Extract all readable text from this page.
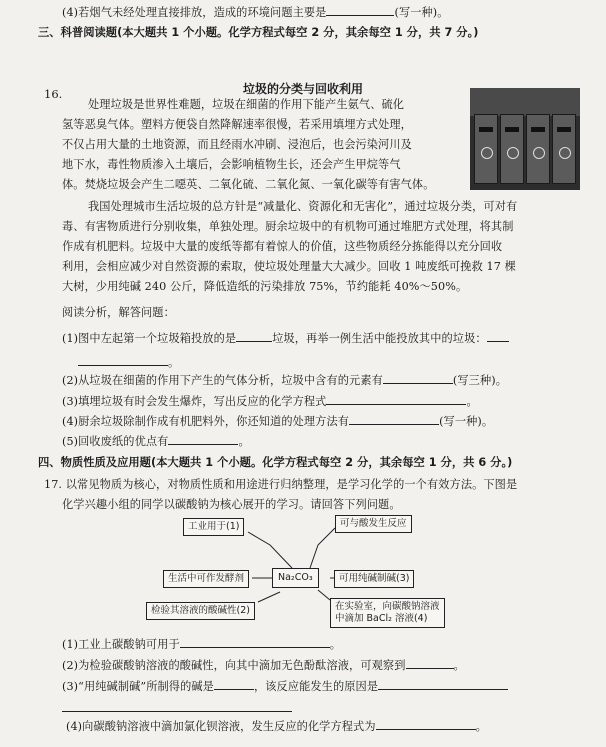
(4)若烟气未经处理直接排放，造成的环境问题主要是	(写一种)。
三、科普阅读题(本大题共 1 个小题。化学方程式每空 2 分，其余每空 1 分，共 7 分。)
16.	垃圾的分类与回收利用
处理垃圾是世界性难题，垃圾在细菌的作用下能产生氨气、硫化
氢等恶臭气体。塑料方便袋自然降解速率很慢，若采用填埋方式处理，
不仅占用大量的土地资源，而且经雨水冲刷、浸泡后，也会污染河川及
地下水，毒性物质渗入土壤后，会影响植物生长，还会产生甲烷等气
体。焚烧垃圾会产生二噁英、二氧化硫、二氧化氮、一氧化碳等有害气体。
我国处理城市生活垃圾的总方针是“减量化、资源化和无害化”，通过垃圾分类，可对有
毒、有害物质进行分别收集，单独处理。厨余垃圾中的有机物可通过堆肥方式处理，将其制
作成有机肥料。垃圾中大量的废纸等都有着惊人的价值，这些物质经分拣能得以充分回收
利用，会相应减少对自然资源的索取，使垃圾处理量大大减少。回收 1 吨废纸可挽救 17 棵
大树，少用纯碱 240 公斤，降低造纸的污染排放 75%，节约能耗 40%～50%。
阅读分析，解答问题：
(1)图中左起第一个垃圾箱投放的是	垃圾，再举一例生活中能投放其中的垃圾：
。
(2)从垃圾在细菌的作用下产生的气体分析，垃圾中含有的元素有	(写三种)。
(3)填埋垃圾有时会发生爆炸，写出反应的化学方程式	。
(4)厨余垃圾除制作成有机肥料外，你还知道的处理方法有	(写一种)。
(5)回收废纸的优点有	。
四、物质性质及应用题(本大题共 1 个小题。化学方程式每空 2 分，其余每空 1 分，共 6 分。)
17. 以常见物质为核心，对物质性质和用途进行归纳整理，是学习化学的一个有效方法。下图是
化学兴趣小组的同学以碳酸钠为核心展开的学习。请回答下列问题。
工业用于(1)	可与酸发生反应
生活中可作发酵剂	Na₂CO₃	可用纯碱制碱(3)
检验其溶液的酸碱性(2)	在实验室，向碳酸钠溶液
中滴加 BaCl₂ 溶液(4)
(1)工业上碳酸钠可用于	。
(2)为检验碳酸钠溶液的酸碱性，向其中滴加无色酚酞溶液，可观察到	。
(3)“用纯碱制碱”所制得的碱是	，该反应能发生的原因是
(4)向碳酸钠溶液中滴加氯化钡溶液，发生反应的化学方程式为	。
